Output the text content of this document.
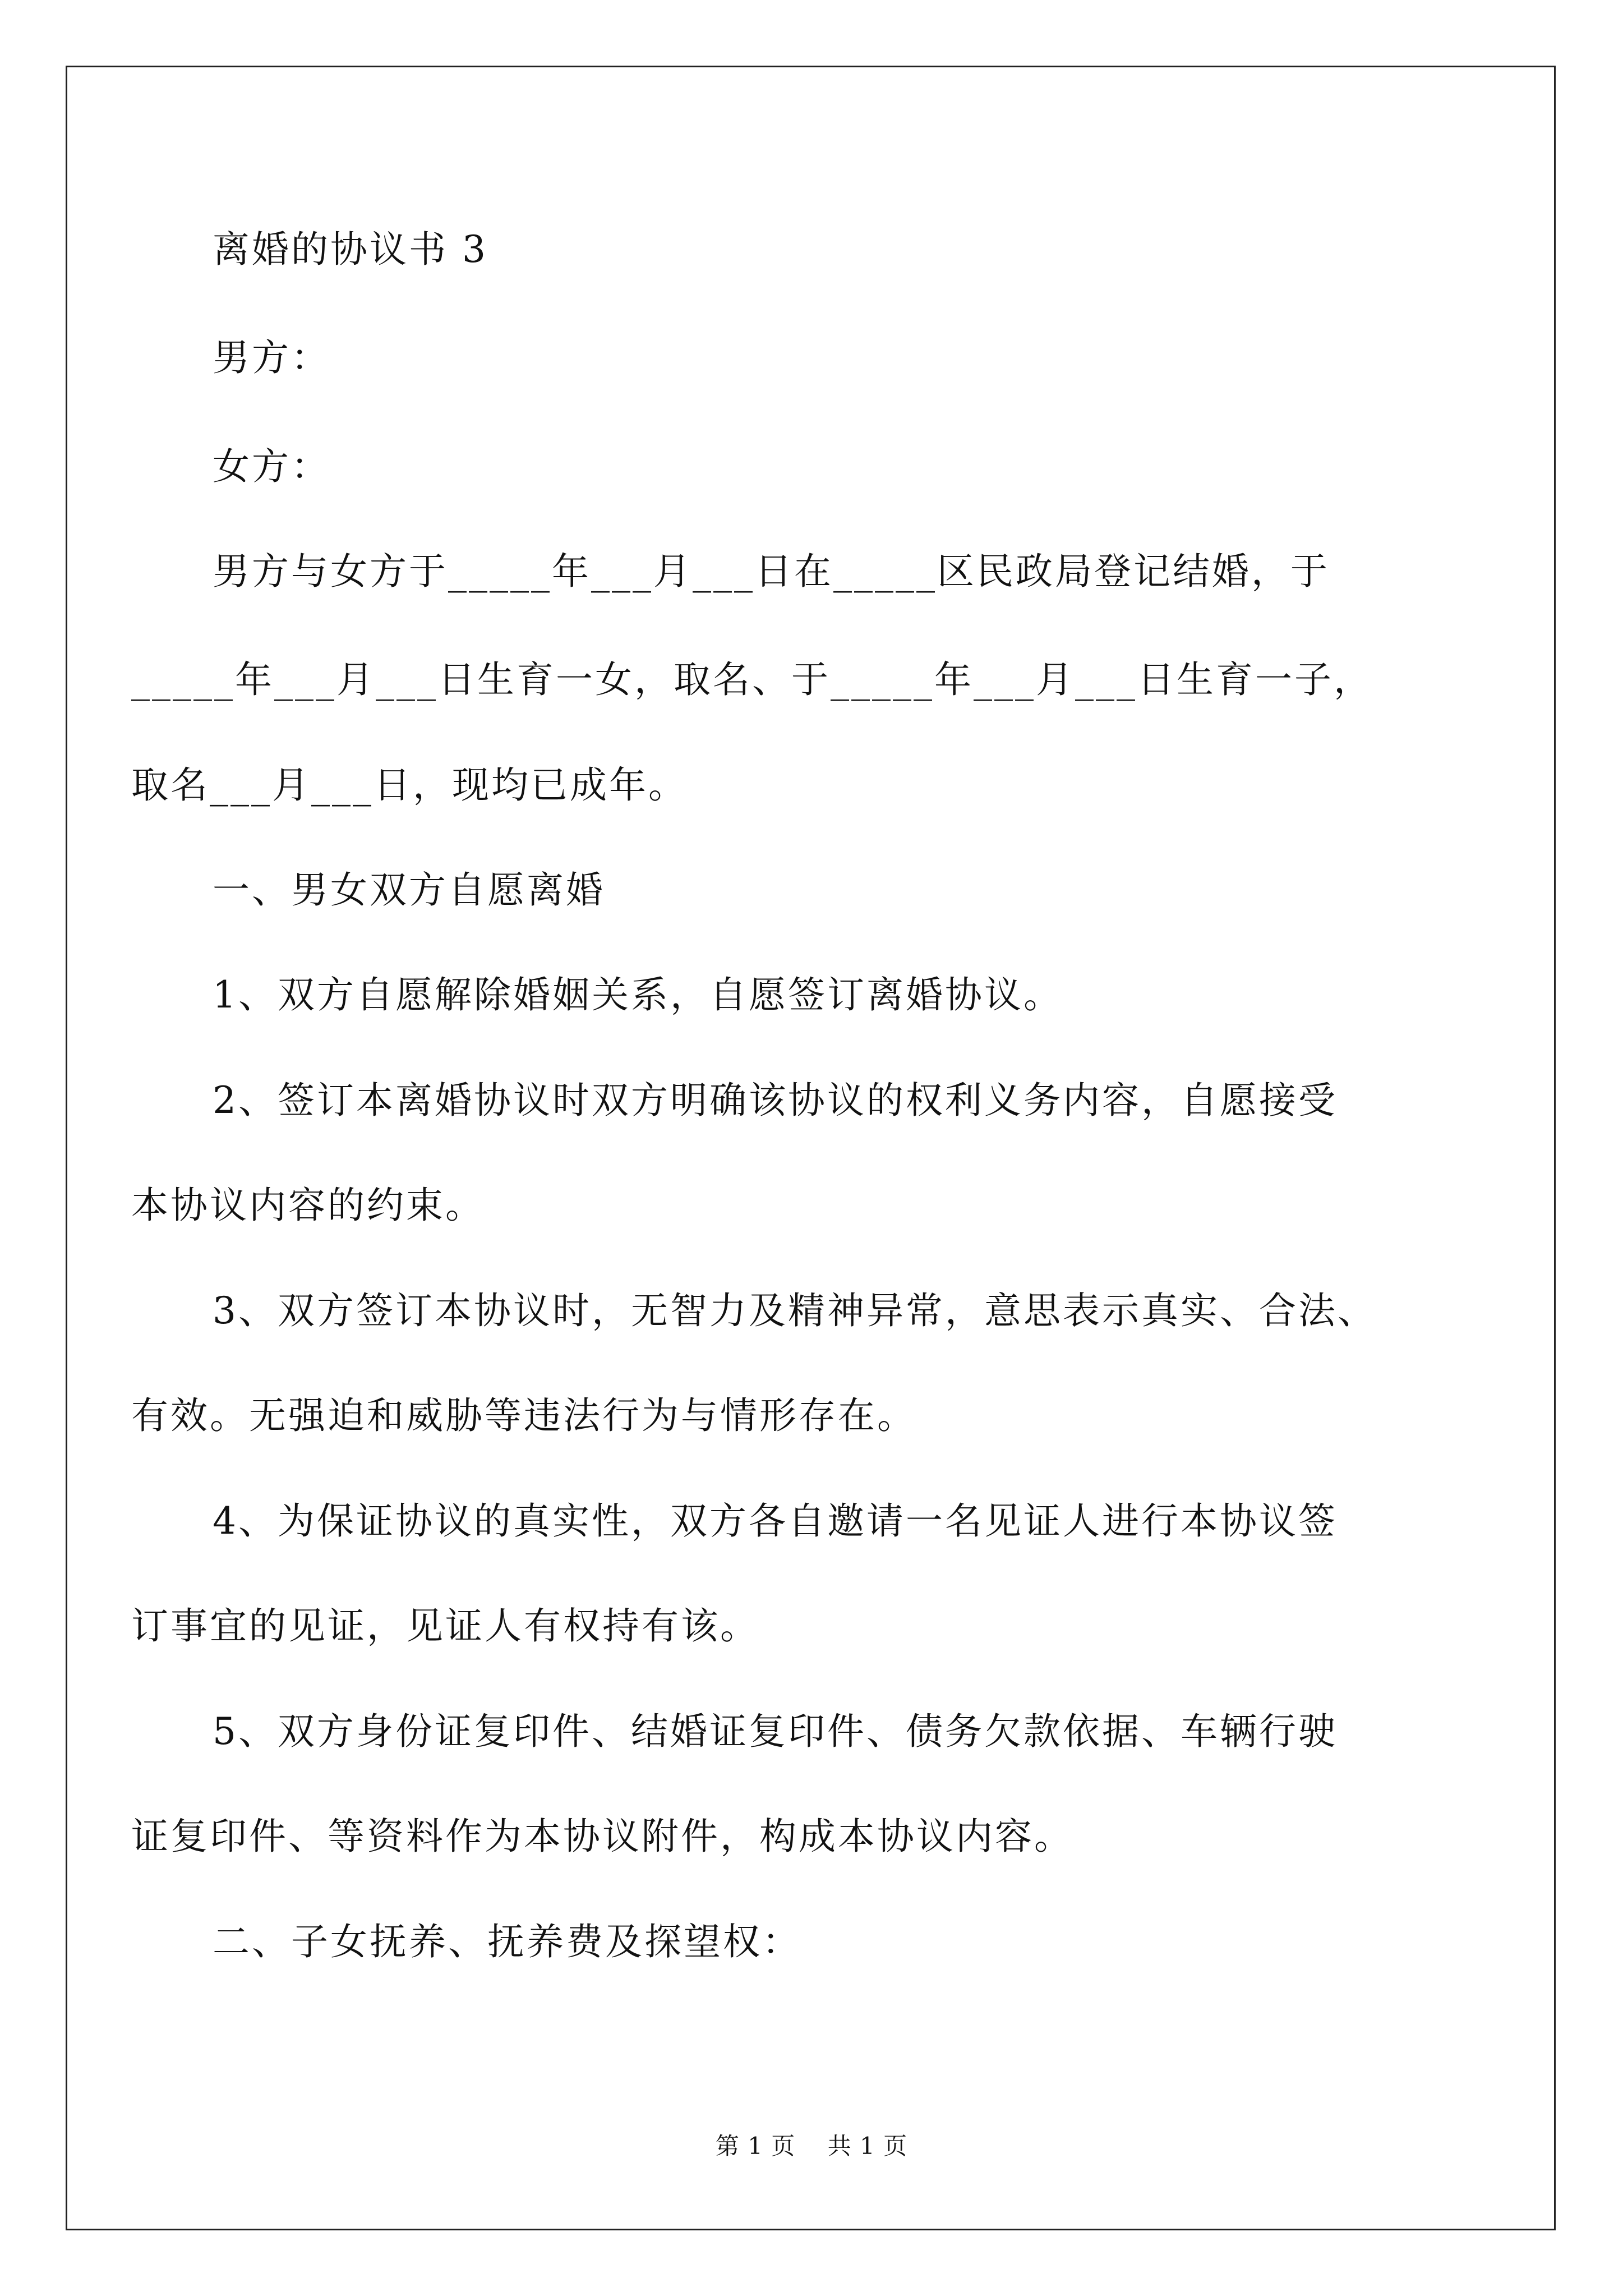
离婚的协议书 3

男方：

女方：

男方与女方于_____年___月___日在_____区民政局登记结婚，于

_____年___月___日生育一女，取名、于_____年___月___日生育一子，

取名___月___日，现均已成年。

一、男女双方自愿离婚

1、双方自愿解除婚姻关系，自愿签订离婚协议。

2、签订本离婚协议时双方明确该协议的权利义务内容，自愿接受

本协议内容的约束。

3、双方签订本协议时，无智力及精神异常，意思表示真实、合法、

有效。无强迫和威胁等违法行为与情形存在。

4、为保证协议的真实性，双方各自邀请一名见证人进行本协议签

订事宜的见证，见证人有权持有该。

5、双方身份证复印件、结婚证复印件、债务欠款依据、车辆行驶

证复印件、等资料作为本协议附件，构成本协议内容。

二、子女抚养、抚养费及探望权：

第 1 页    共 1 页
